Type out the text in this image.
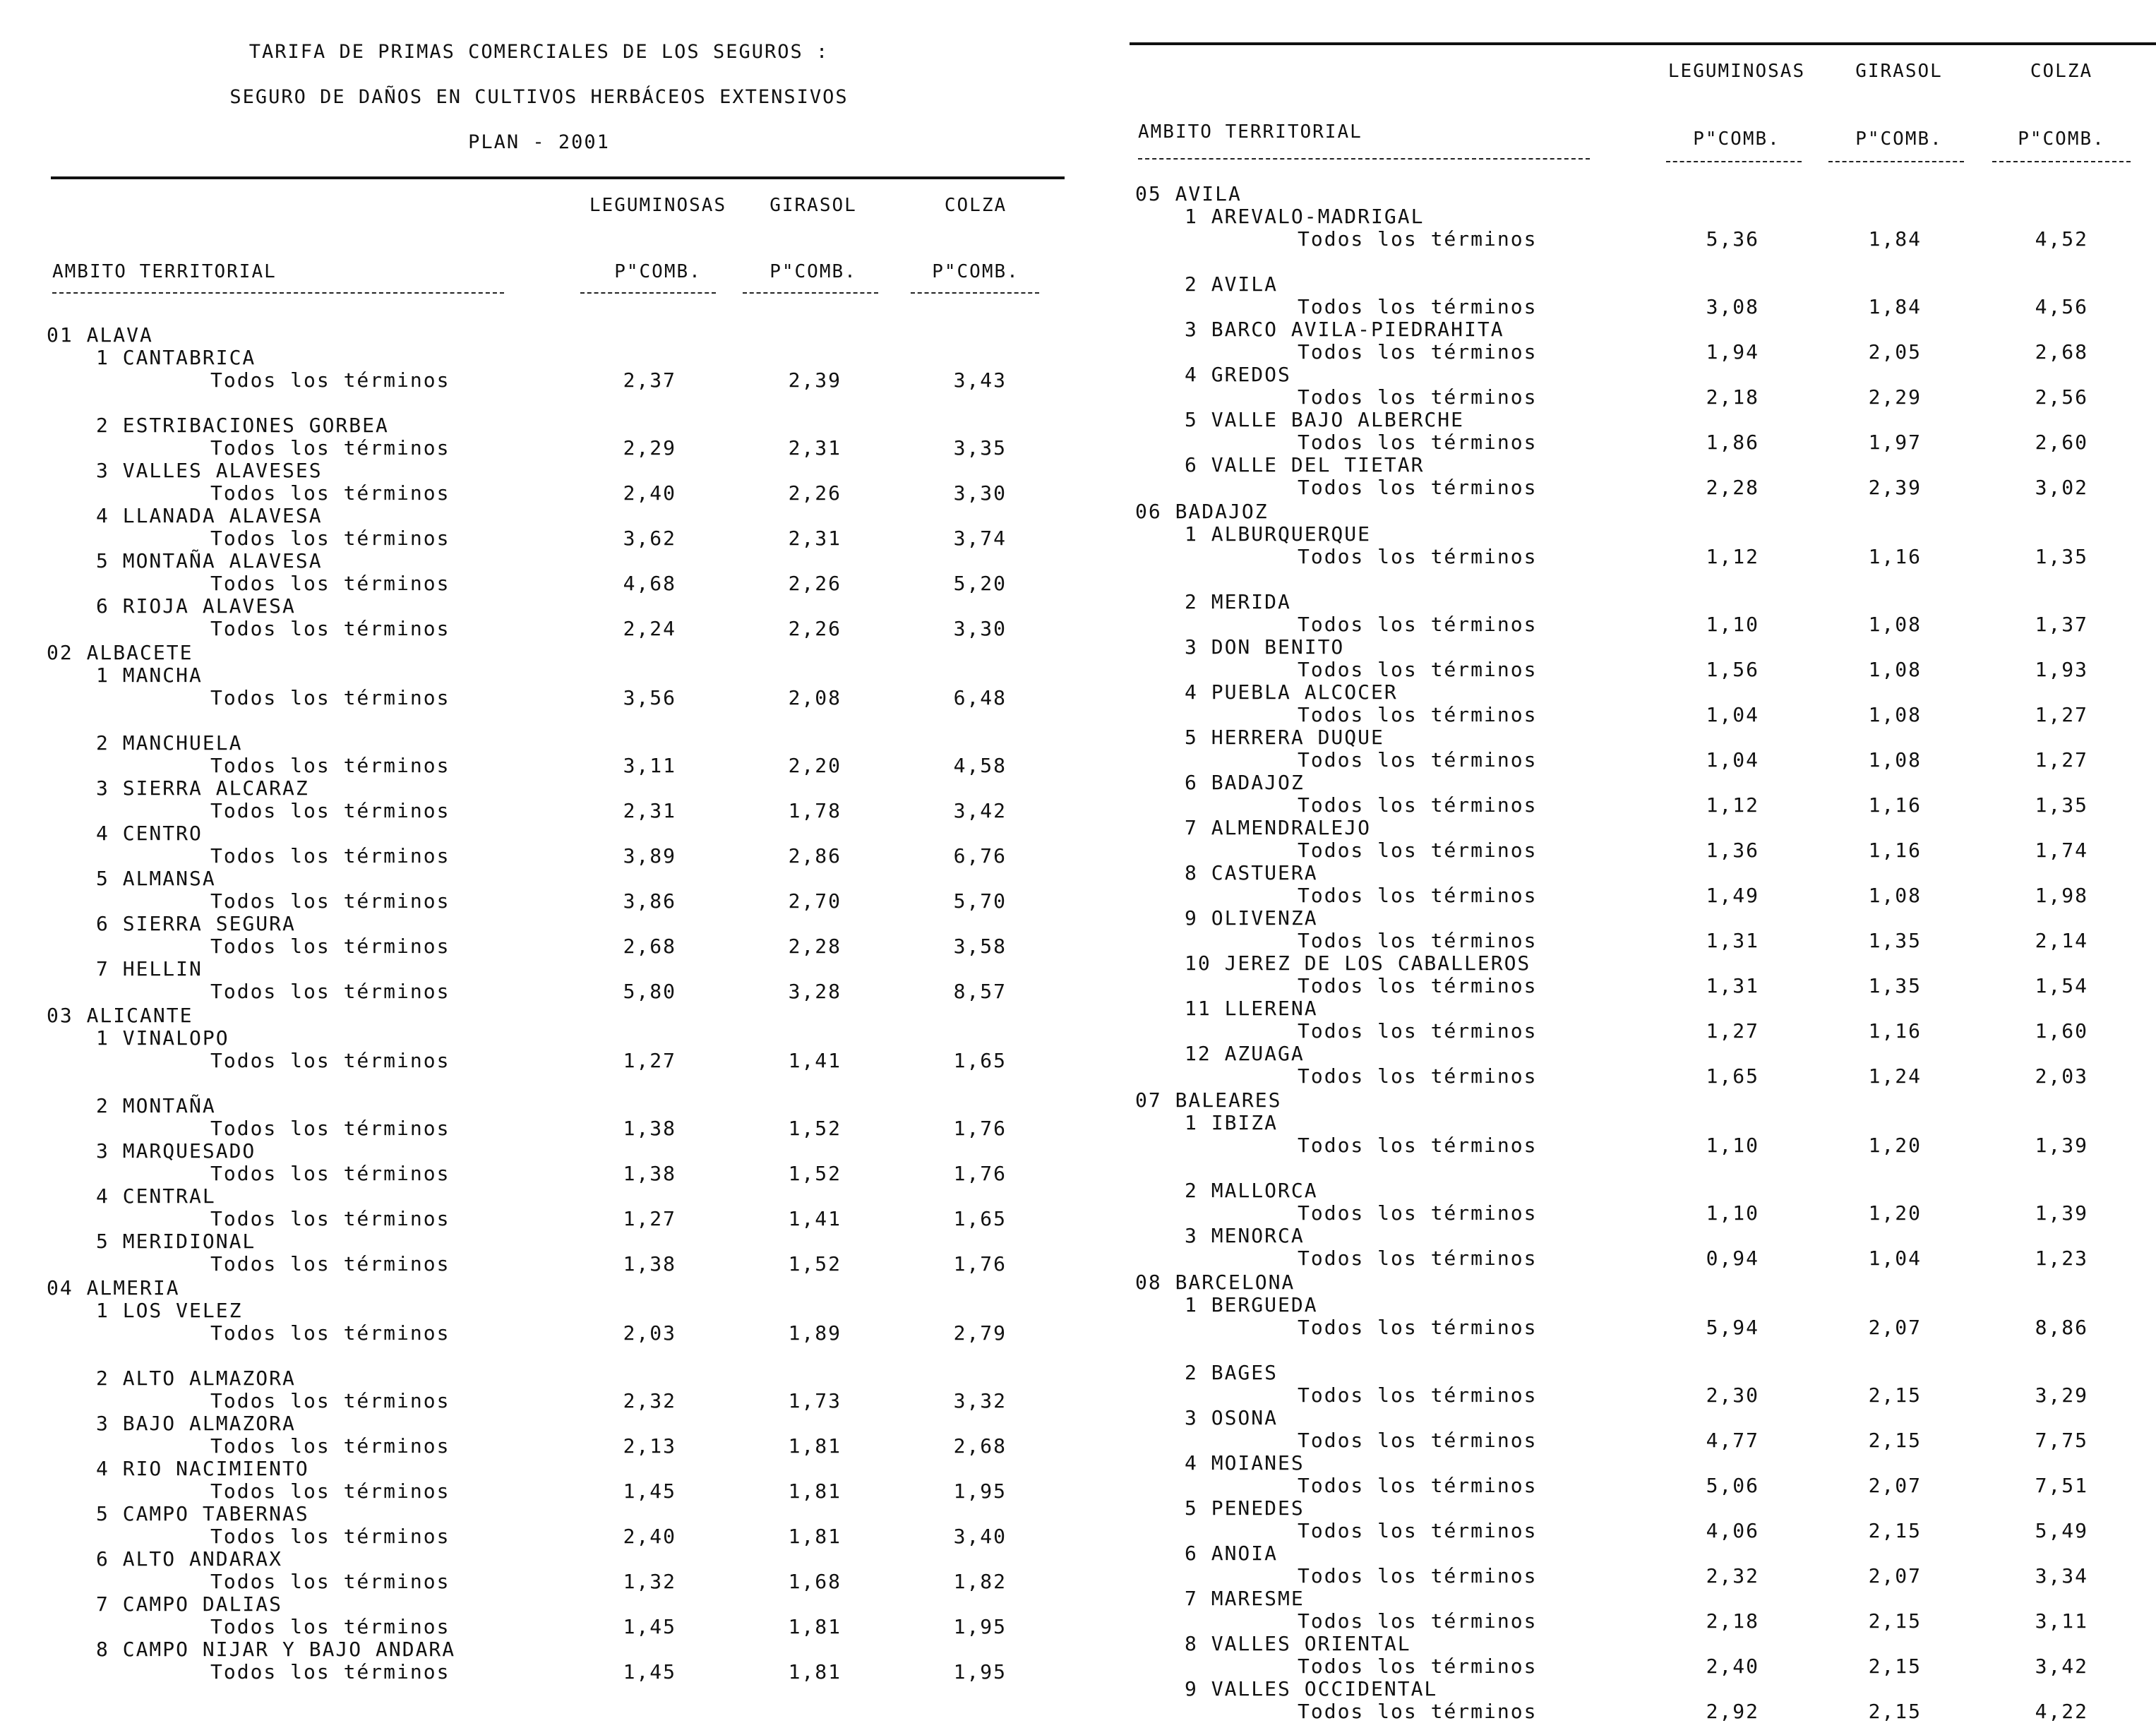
TARIFA DE PRIMAS COMERCIALES DE LOS SEGUROS :
SEGURO DE DAÑOS EN CULTIVOS HERBÁCEOS EXTENSIVOS
PLAN - 2001
LEGUMINOSAS	GIRASOL	COLZA
AMBITO TERRITORIAL	P"COMB.	P"COMB.	P"COMB.
01 ALAVA
1 CANTABRICA
Todos los términos	2,37	2,39	3,43
2 ESTRIBACIONES GORBEA
Todos los términos	2,29	2,31	3,35
3 VALLES ALAVESES
Todos los términos	2,40	2,26	3,30
4 LLANADA ALAVESA
Todos los términos	3,62	2,31	3,74
5 MONTAÑA ALAVESA
Todos los términos	4,68	2,26	5,20
6 RIOJA ALAVESA
Todos los términos	2,24	2,26	3,30
02 ALBACETE
1 MANCHA
Todos los términos	3,56	2,08	6,48
2 MANCHUELA
Todos los términos	3,11	2,20	4,58
3 SIERRA ALCARAZ
Todos los términos	2,31	1,78	3,42
4 CENTRO
Todos los términos	3,89	2,86	6,76
5 ALMANSA
Todos los términos	3,86	2,70	5,70
6 SIERRA SEGURA
Todos los términos	2,68	2,28	3,58
7 HELLIN
Todos los términos	5,80	3,28	8,57
03 ALICANTE
1 VINALOPO
Todos los términos	1,27	1,41	1,65
2 MONTAÑA
Todos los términos	1,38	1,52	1,76
3 MARQUESADO
Todos los términos	1,38	1,52	1,76
4 CENTRAL
Todos los términos	1,27	1,41	1,65
5 MERIDIONAL
Todos los términos	1,38	1,52	1,76
04 ALMERIA
1 LOS VELEZ
Todos los términos	2,03	1,89	2,79
2 ALTO ALMAZORA
Todos los términos	2,32	1,73	3,32
3 BAJO ALMAZORA
Todos los términos	2,13	1,81	2,68
4 RIO NACIMIENTO
Todos los términos	1,45	1,81	1,95
5 CAMPO TABERNAS
Todos los términos	2,40	1,81	3,40
6 ALTO ANDARAX
Todos los términos	1,32	1,68	1,82
7 CAMPO DALIAS
Todos los términos	1,45	1,81	1,95
8 CAMPO NIJAR Y BAJO ANDARA
Todos los términos	1,45	1,81	1,95
LEGUMINOSAS	GIRASOL	COLZA
AMBITO TERRITORIAL	P"COMB.	P"COMB.	P"COMB.
05 AVILA
1 AREVALO-MADRIGAL
Todos los términos	5,36	1,84	4,52
2 AVILA
Todos los términos	3,08	1,84	4,56
3 BARCO AVILA-PIEDRAHITA
Todos los términos	1,94	2,05	2,68
4 GREDOS
Todos los términos	2,18	2,29	2,56
5 VALLE BAJO ALBERCHE
Todos los términos	1,86	1,97	2,60
6 VALLE DEL TIETAR
Todos los términos	2,28	2,39	3,02
06 BADAJOZ
1 ALBURQUERQUE
Todos los términos	1,12	1,16	1,35
2 MERIDA
Todos los términos	1,10	1,08	1,37
3 DON BENITO
Todos los términos	1,56	1,08	1,93
4 PUEBLA ALCOCER
Todos los términos	1,04	1,08	1,27
5 HERRERA DUQUE
Todos los términos	1,04	1,08	1,27
6 BADAJOZ
Todos los términos	1,12	1,16	1,35
7 ALMENDRALEJO
Todos los términos	1,36	1,16	1,74
8 CASTUERA
Todos los términos	1,49	1,08	1,98
9 OLIVENZA
Todos los términos	1,31	1,35	2,14
10 JEREZ DE LOS CABALLEROS
Todos los términos	1,31	1,35	1,54
11 LLERENA
Todos los términos	1,27	1,16	1,60
12 AZUAGA
Todos los términos	1,65	1,24	2,03
07 BALEARES
1 IBIZA
Todos los términos	1,10	1,20	1,39
2 MALLORCA
Todos los términos	1,10	1,20	1,39
3 MENORCA
Todos los términos	0,94	1,04	1,23
08 BARCELONA
1 BERGUEDA
Todos los términos	5,94	2,07	8,86
2 BAGES
Todos los términos	2,30	2,15	3,29
3 OSONA
Todos los términos	4,77	2,15	7,75
4 MOIANES
Todos los términos	5,06	2,07	7,51
5 PENEDES
Todos los términos	4,06	2,15	5,49
6 ANOIA
Todos los términos	2,32	2,07	3,34
7 MARESME
Todos los términos	2,18	2,15	3,11
8 VALLES ORIENTAL
Todos los términos	2,40	2,15	3,42
9 VALLES OCCIDENTAL
Todos los términos	2,92	2,15	4,22
